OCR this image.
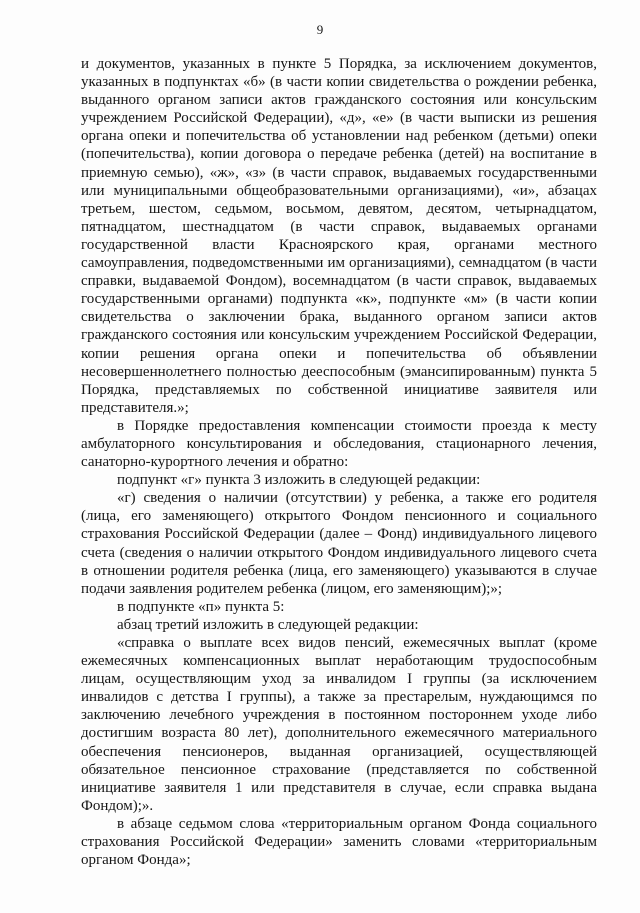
9

и документов, указанных в пункте 5 Порядка, за исключением документов, указанных в подпунктах «б» (в части копии свидетельства о рождении ребенка, выданного органом записи актов гражданского состояния или консульским учреждением Российской Федерации), «д», «е» (в части выписки из решения органа опеки и попечительства об установлении над ребенком (детьми) опеки (попечительства), копии договора о передаче ребенка (детей) на воспитание в приемную семью), «ж», «з» (в части справок, выдаваемых государственными или муниципальными общеобразовательными организациями), «и», абзацах третьем, шестом, седьмом, восьмом, девятом, десятом, четырнадцатом, пятнадцатом, шестнадцатом (в части справок, выдаваемых органами государственной власти Красноярского края, органами местного самоуправления, подведомственными им организациями), семнадцатом (в части справки, выдаваемой Фондом), восемнадцатом (в части справок, выдаваемых государственными органами) подпункта «к», подпункте «м» (в части копии свидетельства о заключении брака, выданного органом записи актов гражданского состояния или консульским учреждением Российской Федерации, копии решения органа опеки и попечительства об объявлении несовершеннолетнего полностью дееспособным (эмансипированным) пункта 5 Порядка, представляемых по собственной инициативе заявителя или представителя.»;

в Порядке предоставления компенсации стоимости проезда к месту амбулаторного консультирования и обследования, стационарного лечения, санаторно-курортного лечения и обратно:

подпункт «г» пункта 3 изложить в следующей редакции:

«г) сведения о наличии (отсутствии) у ребенка, а также его родителя (лица, его заменяющего) открытого Фондом пенсионного и социального страхования Российской Федерации (далее – Фонд) индивидуального лицевого счета (сведения о наличии открытого Фондом индивидуального лицевого счета в отношении родителя ребенка (лица, его заменяющего) указываются в случае подачи заявления родителем ребенка (лицом, его заменяющим);»;

в подпункте «п» пункта 5:

абзац третий изложить в следующей редакции:

«справка о выплате всех видов пенсий, ежемесячных выплат (кроме ежемесячных компенсационных выплат неработающим трудоспособным лицам, осуществляющим уход за инвалидом I группы (за исключением инвалидов с детства I группы), а также за престарелым, нуждающимся по заключению лечебного учреждения в постоянном постороннем уходе либо достигшим возраста 80 лет), дополнительного ежемесячного материального обеспечения пенсионеров, выданная организацией, осуществляющей обязательное пенсионное страхование (представляется по собственной инициативе заявителя 1 или представителя в случае, если справка выдана Фондом);».

в абзаце седьмом слова «территориальным органом Фонда социального страхования Российской Федерации» заменить словами «территориальным органом Фонда»;
